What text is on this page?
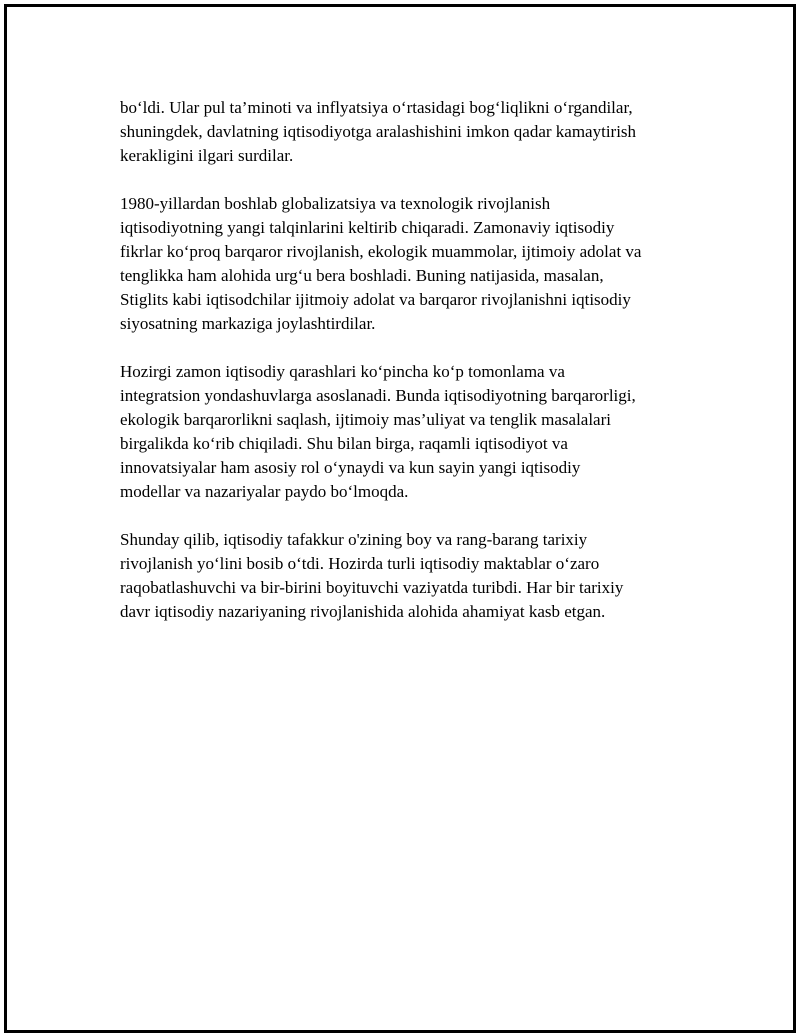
bo‘ldi. Ular pul ta’minoti va inflyatsiya o‘rtasidagi bog‘liqlikni o‘rgandilar,
shuningdek, davlatning iqtisodiyotga aralashishini imkon qadar kamaytirish
kerakligini ilgari surdilar.

1980-yillardan boshlab globalizatsiya va texnologik rivojlanish
iqtisodiyotning yangi talqinlarini keltirib chiqaradi. Zamonaviy iqtisodiy
fikrlar ko‘proq barqaror rivojlanish, ekologik muammolar, ijtimoiy adolat va
tenglikka ham alohida urg‘u bera boshladi. Buning natijasida, masalan,
Stiglits kabi iqtisodchilar ijitmoiy adolat va barqaror rivojlanishni iqtisodiy
siyosatning markaziga joylashtirdilar.

Hozirgi zamon iqtisodiy qarashlari ko‘pincha ko‘p tomonlama va
integratsion yondashuvlarga asoslanadi. Bunda iqtisodiyotning barqarorligi,
ekologik barqarorlikni saqlash, ijtimoiy mas’uliyat va tenglik masalalari
birgalikda ko‘rib chiqiladi. Shu bilan birga, raqamli iqtisodiyot va
innovatsiyalar ham asosiy rol o‘ynaydi va kun sayin yangi iqtisodiy
modellar va nazariyalar paydo bo‘lmoqda.

Shunday qilib, iqtisodiy tafakkur o'zining boy va rang-barang tarixiy
rivojlanish yo‘lini bosib o‘tdi. Hozirda turli iqtisodiy maktablar o‘zaro
raqobatlashuvchi va bir-birini boyituvchi vaziyatda turibdi. Har bir tarixiy
davr iqtisodiy nazariyaning rivojlanishida alohida ahamiyat kasb etgan.
